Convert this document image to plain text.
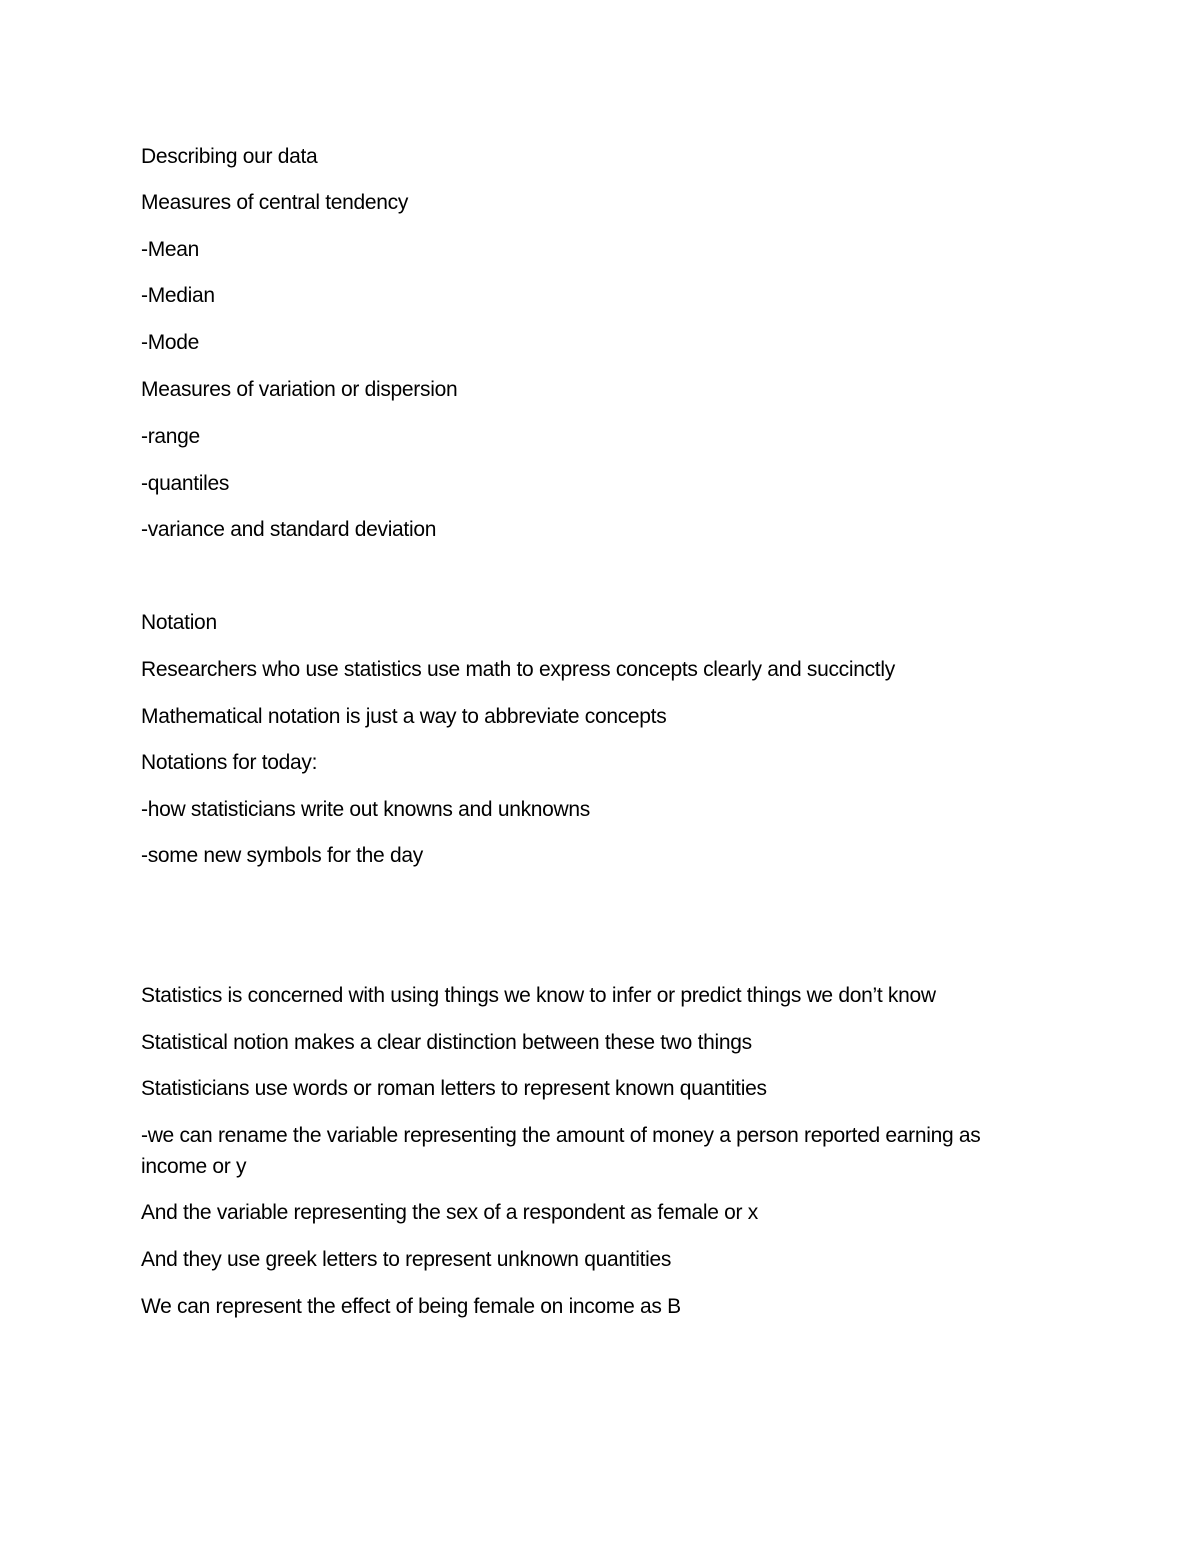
Describing our data
Measures of central tendency
-Mean
-Median
-Mode
Measures of variation or dispersion
-range
-quantiles
-variance and standard deviation
Notation
Researchers who use statistics use math to express concepts clearly and succinctly
Mathematical notation is just a way to abbreviate concepts
Notations for today:
-how statisticians write out knowns and unknowns
-some new symbols for the day
Statistics is concerned with using things we know to infer or predict things we don’t know
Statistical notion makes a clear distinction between these two things
Statisticians use words or roman letters to represent known quantities
-we can rename the variable representing the amount of money a person reported earning as income or y
And the variable representing the sex of a respondent as female or x
And they use greek letters to represent unknown quantities
We can represent the effect of being female on income as B
